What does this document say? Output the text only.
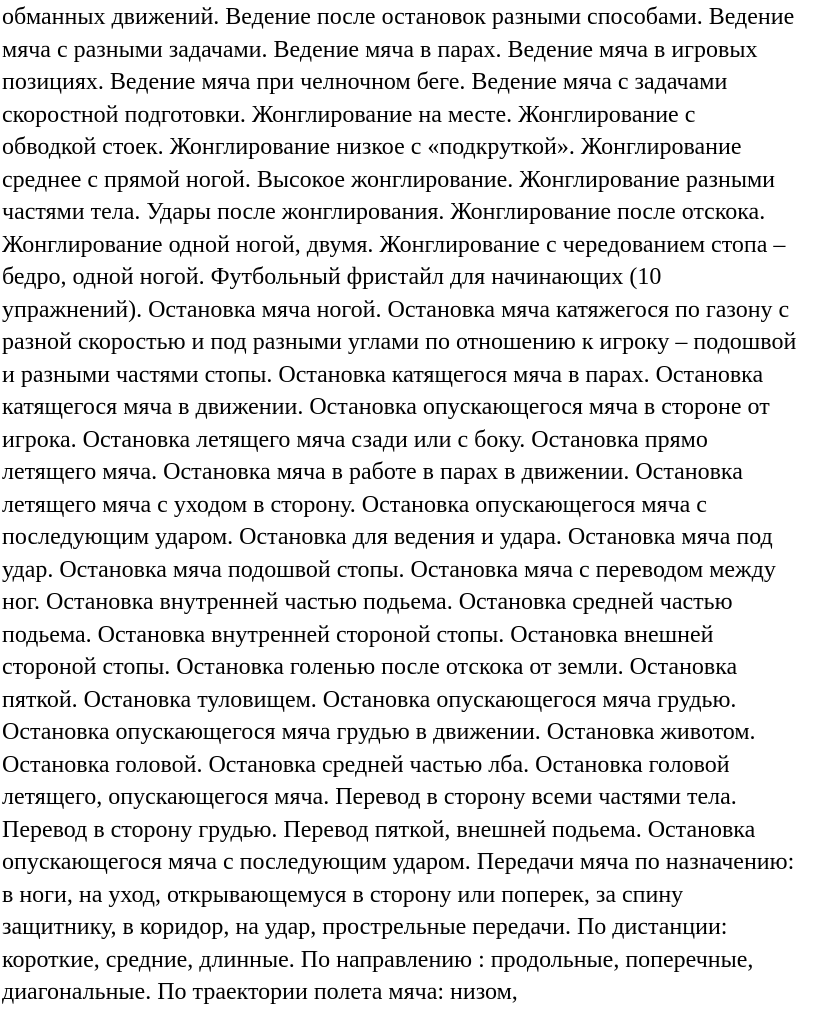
обманных движений. Ведение после остановок разными способами. Ведение
мяча с разными задачами. Ведение мяча в парах. Ведение мяча в игровых
позициях. Ведение мяча при челночном беге. Ведение мяча с задачами
скоростной подготовки. Жонглирование на месте. Жонглирование с
обводкой стоек. Жонглирование низкое с «подкруткой». Жонглирование
среднее с прямой ногой. Высокое жонглирование. Жонглирование разными
частями тела. Удары после жонглирования. Жонглирование после отскока.
Жонглирование одной ногой, двумя. Жонглирование с чередованием стопа –
бедро, одной ногой. Футбольный фристайл для начинающих (10
упражнений). Остановка мяча ногой. Остановка мяча катяжегося по газону с
разной скоростью и под разными углами по отношению к игроку – подошвой
и разными частями стопы. Остановка катящегося мяча в парах. Остановка
катящегося мяча в движении. Остановка опускающегося мяча в стороне от
игрока. Остановка летящего мяча сзади или с боку. Остановка прямо
летящего мяча. Остановка мяча в работе в парах в движении. Остановка
летящего мяча с уходом в сторону. Остановка опускающегося мяча с
последующим ударом. Остановка для ведения и удара. Остановка мяча под
удар. Остановка мяча подошвой стопы. Остановка мяча с переводом между
ног. Остановка внутренней частью подьема. Остановка средней частью
подьема. Остановка внутренней стороной стопы. Остановка внешней
стороной стопы. Остановка голенью после отскока от земли. Остановка
пяткой. Остановка туловищем. Остановка опускающегося мяча грудью.
Остановка опускающегося мяча грудью в движении. Остановка животом.
Остановка головой. Остановка средней частью лба. Остановка головой
летящего, опускающегося мяча. Перевод в сторону всеми частями тела.
Перевод в сторону грудью. Перевод пяткой, внешней подьема. Остановка
опускающегося мяча с последующим ударом. Передачи мяча по назначению:
в ноги, на уход, открывающемуся в сторону или поперек, за спину
защитнику, в коридор, на удар, прострельные передачи. По дистанции:
короткие, средние, длинные. По направлению : продольные, поперечные,
диагональные. По траектории полета мяча: низом,
